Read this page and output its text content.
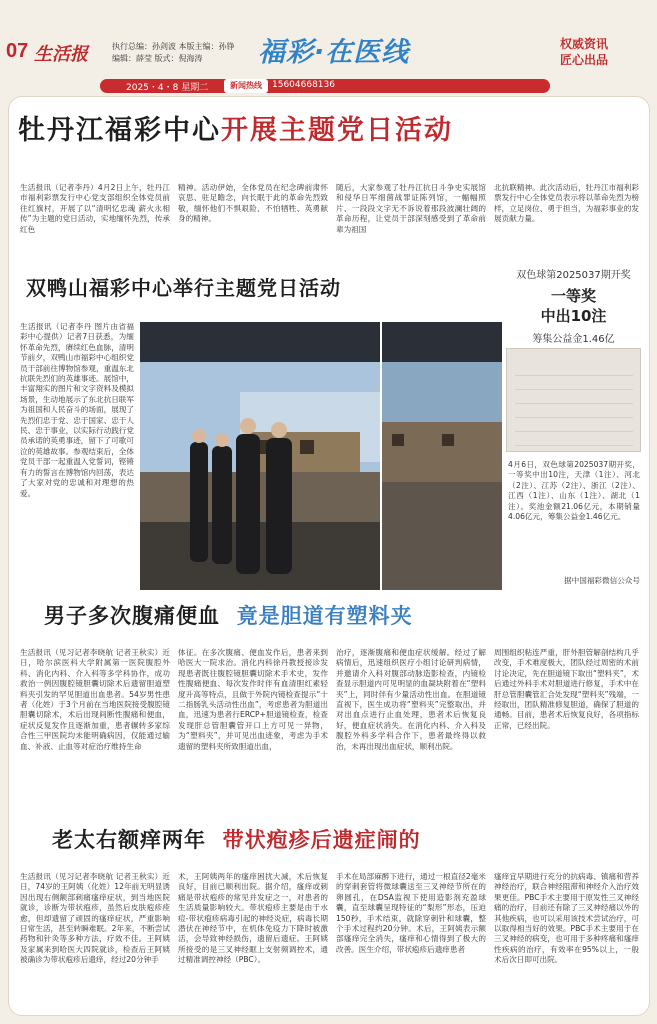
07 生活报	执行总编：孙剑波 本版主编：孙铮
编辑：薛莹 版式：倪海涛	福彩·在医线	权威资讯
匠心出品
2025・4・8 星期二	新闻热线	15604668136
牡丹江福彩中心开展主题党日活动
生活报讯（记者李丹）4月2日上午，牡丹江市福利彩票发行中心党支部组织全体党员前往红旗村，开展了以“清明忆忠魂 薪火永相传”为主题的党日活动，实地缅怀先烈，传承红色
精神。活动伊始，全体党员在纪念碑前肃怀哀思、驻足瞻念，向长眠于此的革命先烈致敬，缅怀他们不惧艰险、不怕牺牲、英勇献身的精神。
随后，大家参观了牡丹江抗日斗争史实展馆和侵华日军细菌战罪证陈列馆，一幅幅照片、一段段文字无不诉说着那段波澜壮阔的革命历程，让党员干部深刻感受到了革命前辈为祖国
北抗联精神。此次活动后，牡丹江市福利彩票发行中心全体党员表示将以革命先烈为榜样，立足岗位、勇于担当，为福彩事业的发展贡献力量。
双鸭山福彩中心举行主题党日活动
生活报讯（记者李丹 图片由省福彩中心提供）记者7日获悉，为缅怀革命先烈，赓续红色血脉，清明节前夕，双鸭山市福彩中心组织党员干部前往博物馆参观，重温东北抗联先烈们的英雄事迹。展馆中，丰富翔实的图片和文字资料及模拟场景，生动地展示了东北抗日联军为祖国和人民奋斗的场面，展现了先烈们忠于党、忠于国家、忠于人民、忠于事业，以实际行动践行党员承诺的英勇事迹，留下了可歌可泣的英雄故事。参观结束后，全体党员干部一起重温入党誓词，铿锵有力的誓言在博物馆内回荡，表达了大家对党的忠诚和对理想的热爱。
双色球第2025037期开奖
一等奖
中出10注
筹集公益金1.46亿
4月6日，双色球第2025037期开奖，一等奖中出10注，天津（1注）、河北（2注）、江苏（2注）、浙江（2注）、江西（1注）、山东（1注）、湖北（1注）。奖池金额21.06亿元，本期销量4.06亿元，筹集公益金1.46亿元。
据中国福彩微信公众号
男子多次腹痛便血 竟是胆道有塑料夹
生活报讯（见习记者李晓航 记者王秋实）近日，哈尔滨医科大学附属第一医院腹腔外科、消化内科、介入科等多学科协作，成功救治一例因腹腔镜胆囊切除术后遗留胆道塑料夹引发的罕见胆道出血患者。54岁男性患者（化姓）于3个月前在当地医院接受腹腔镜胆囊切除术，术后出现间断性腹痛和便血，症状反复发作且逐渐加重，患者辗转多家综合性三甲医院均未能明确病因，仅能通过输血、补液、止血等对症治疗维持生命
体征。在多次腹痛、便血发作后，患者来到哈医大一院求治。消化内科徐丹教授接诊发现患者既往腹腔镜胆囊切除术手术史，发作性腹痛便血、每次发作时伴有血清胆红素轻度升高等特点，且做于外院内镜检查提示“十二指肠乳头活动性出血”，考虑患者为胆道出血，迅速为患者行ERCP+胆道镜检查，检查发现肝总管胆囊管开口上方可见一异物，为“塑料夹”，并可见出血迹象，考虑为手术遗留的塑料夹所致胆道出血，
治疗，逐渐腹痛和便血症状缓解。经过了解病情后，迅速组织医疗小组讨论研判病情，并邀请介入科对腹部动脉造影检查，内镜检查显示胆道内可见明显的血凝块附着在“塑料夹”上，同时伴有少量活动性出血。在胆道镜直视下，医生成功将“塑料夹”完整取出，并对出血点进行止血处理，患者术后恢复良好，便血症状消失。在消化内科、介入科及腹腔外科多学科合作下，患者最终得以救治，未再出现出血症状，顺利出院。
周围组织粘连严重，肝外胆管解剖结构几乎改变，手术难度极大，团队经过周密的术前讨论决定，先在胆道镜下取出“塑料夹”，术后通过外科手术对胆道进行修复，手术中在肝总管胆囊管汇合处发现“塑料夹”残端，一经取出，团队精准修复胆道，确保了胆道的通畅。目前，患者术后恢复良好，各项指标正常，已经出院。
老太右额痒两年 带状疱疹后遗症闹的
生活报讯（见习记者李晓航 记者王秋实）近日，74岁的王阿姨（化姓）12年前无明显诱因出现右侧额部刺痛瘙痒症状，到当地医院就诊，诊断为带状疱疹，虽然后皮肤疱疹痊愈，但却遗留了顽固的瘙痒症状，严重影响日常生活，甚至转瞬难眠。2年来，不断尝试药物和针灸等多种方法，疗效不佳。王阿姨及家属来到哈医大四院就诊，检查后王阿姨被确诊为带状疱疹后遗痒，经过20分钟手
术，王阿姨两年的瘙痒困扰大减，术后恢复良好，目前已顺利出院。据介绍，瘙痒或刺痛是带状疱疹的常见并发症之一，对患者的生活质量影响较大。带状疱疹主要是由于水痘-带状疱疹病毒引起的神经炎症，病毒长期潜伏在神经节中，在机体免疫力下降时被激活，会导致神经损伤，遗留后遗症。王阿姨所接受的是三叉神经眶上支射频调控术，通过精准调控神经（PBC）。
手术在局部麻醉下进行，通过一根直径2毫米的穿刺套管将微球囊送至三叉神经节所在的卵圆孔，在DSA监视下使用造影剂充盈球囊，直至球囊呈现特征的“梨形”形态，压迫150秒，手术结束，就除穿刺针和球囊，整个手术过程约20分钟。术后，王阿姨表示额部瘙痒完全消失，瘙痒和心情得到了极大的改善。医生介绍，带状疱疹后遗痒患者
瘙痒宜早期进行充分的抗病毒、镇痛和营养神经治疗，联合神经阻滞和神经介入治疗效果更佳。PBC手术主要用于原发性三叉神经痛的治疗，目前还有除了三叉神经痛以外的其他疾病，也可以采用该技术尝试治疗，可以取得相当好的效果。PBC手术主要用于在三叉神经的病变，也可用于多种疼痛和瘙痒性疾病的治疗，有效率在95%以上，一般术后次日即可出院。
